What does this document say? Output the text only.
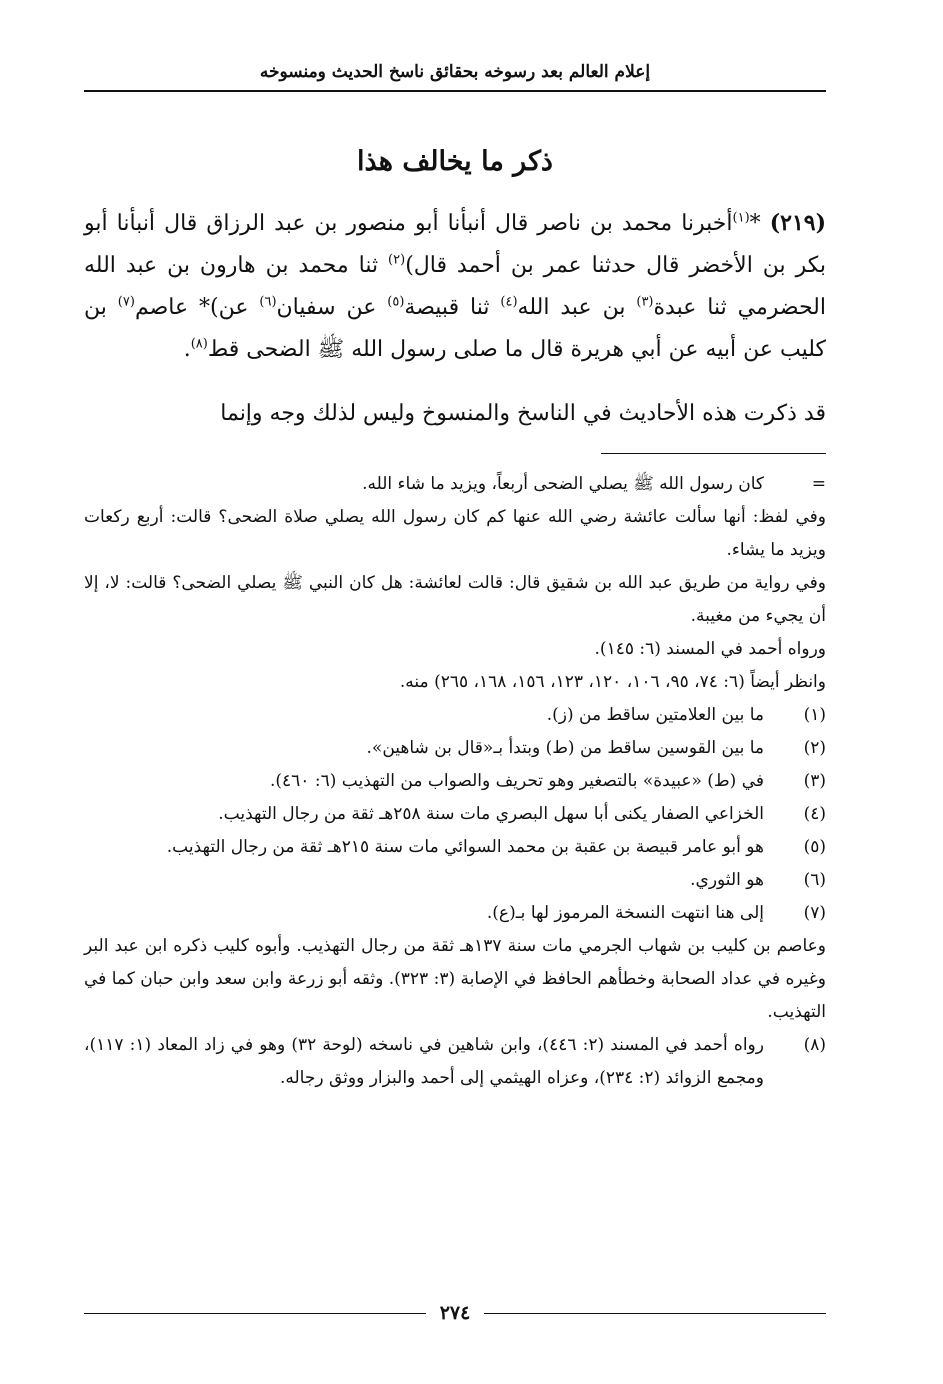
إعلام العالم بعد رسوخه بحقائق ناسخ الحديث ومنسوخه
ذكر ما يخالف هذا
(٢١٩) *$^{(١)}$أخبرنا محمد بن ناصر قال أنبأنا أبو منصور بن عبد الرزاق قال أنبأنا أبو بكر بن الأخضر قال حدثنا عمر بن أحمد قال)$^{(٢)}$ ثنا محمد بن هارون بن عبد الله الحضرمي ثنا عبدة$^{(٣)}$ بن عبد الله$^{(٤)}$ ثنا قبيصة$^{(٥)}$ عن سفيان$^{(٦)}$ عن)* عاصم$^{(٧)}$ بن كليب عن أبيه عن أبي هريرة قال ما صلى رسول الله ﷺ الضحى قط$^{(٨)}$.
قد ذكرت هذه الأحاديث في الناسخ والمنسوخ وليس لذلك وجه وإنما
=
كان رسول الله ﷺ يصلي الضحى أربعاً، ويزيد ما شاء الله.
وفي لفظ: أنها سألت عائشة رضي الله عنها كم كان رسول الله يصلي صلاة الضحى؟ قالت: أربع ركعات ويزيد ما يشاء.
وفي رواية من طريق عبد الله بن شقيق قال: قالت لعائشة: هل كان النبي ﷺ يصلي الضحى؟ قالت: لا، إلا أن يجيء من مغيبة.
ورواه أحمد في المسند (٦: ١٤٥).
وانظر أيضاً (٦: ٧٤، ٩٥، ١٠٦، ١٢٠، ١٢٣، ١٥٦، ١٦٨، ٢٦٥) منه.
(١)
ما بين العلامتين ساقط من (ز).
(٢)
ما بين القوسين ساقط من (ط) وبتدأ بـ«قال بن شاهين».
(٣)
في (ط) «عبيدة» بالتصغير وهو تحريف والصواب من التهذيب (٦: ٤٦٠).
(٤)
الخزاعي الصفار يكنى أبا سهل البصري مات سنة ٢٥٨هـ ثقة من رجال التهذيب.
(٥)
هو أبو عامر قبيصة بن عقبة بن محمد السوائي مات سنة ٢١٥هـ ثقة من رجال التهذيب.
(٦)
هو الثوري.
(٧)
إلى هنا انتهت النسخة المرموز لها بـ(ع).
وعاصم بن كليب بن شهاب الجرمي مات سنة ١٣٧هـ ثقة من رجال التهذيب. وأبوه كليب ذكره ابن عبد البر وغيره في عداد الصحابة وخطأهم الحافظ في الإصابة (٣: ٣٢٣). وثقه أبو زرعة وابن سعد وابن حبان كما في التهذيب.
(٨)
رواه أحمد في المسند (٢: ٤٤٦)، وابن شاهين في ناسخه (لوحة ٣٢) وهو في زاد المعاد (١: ١١٧)، ومجمع الزوائد (٢: ٢٣٤)، وعزاه الهيثمي إلى أحمد والبزار ووثق رجاله.
٢٧٤
